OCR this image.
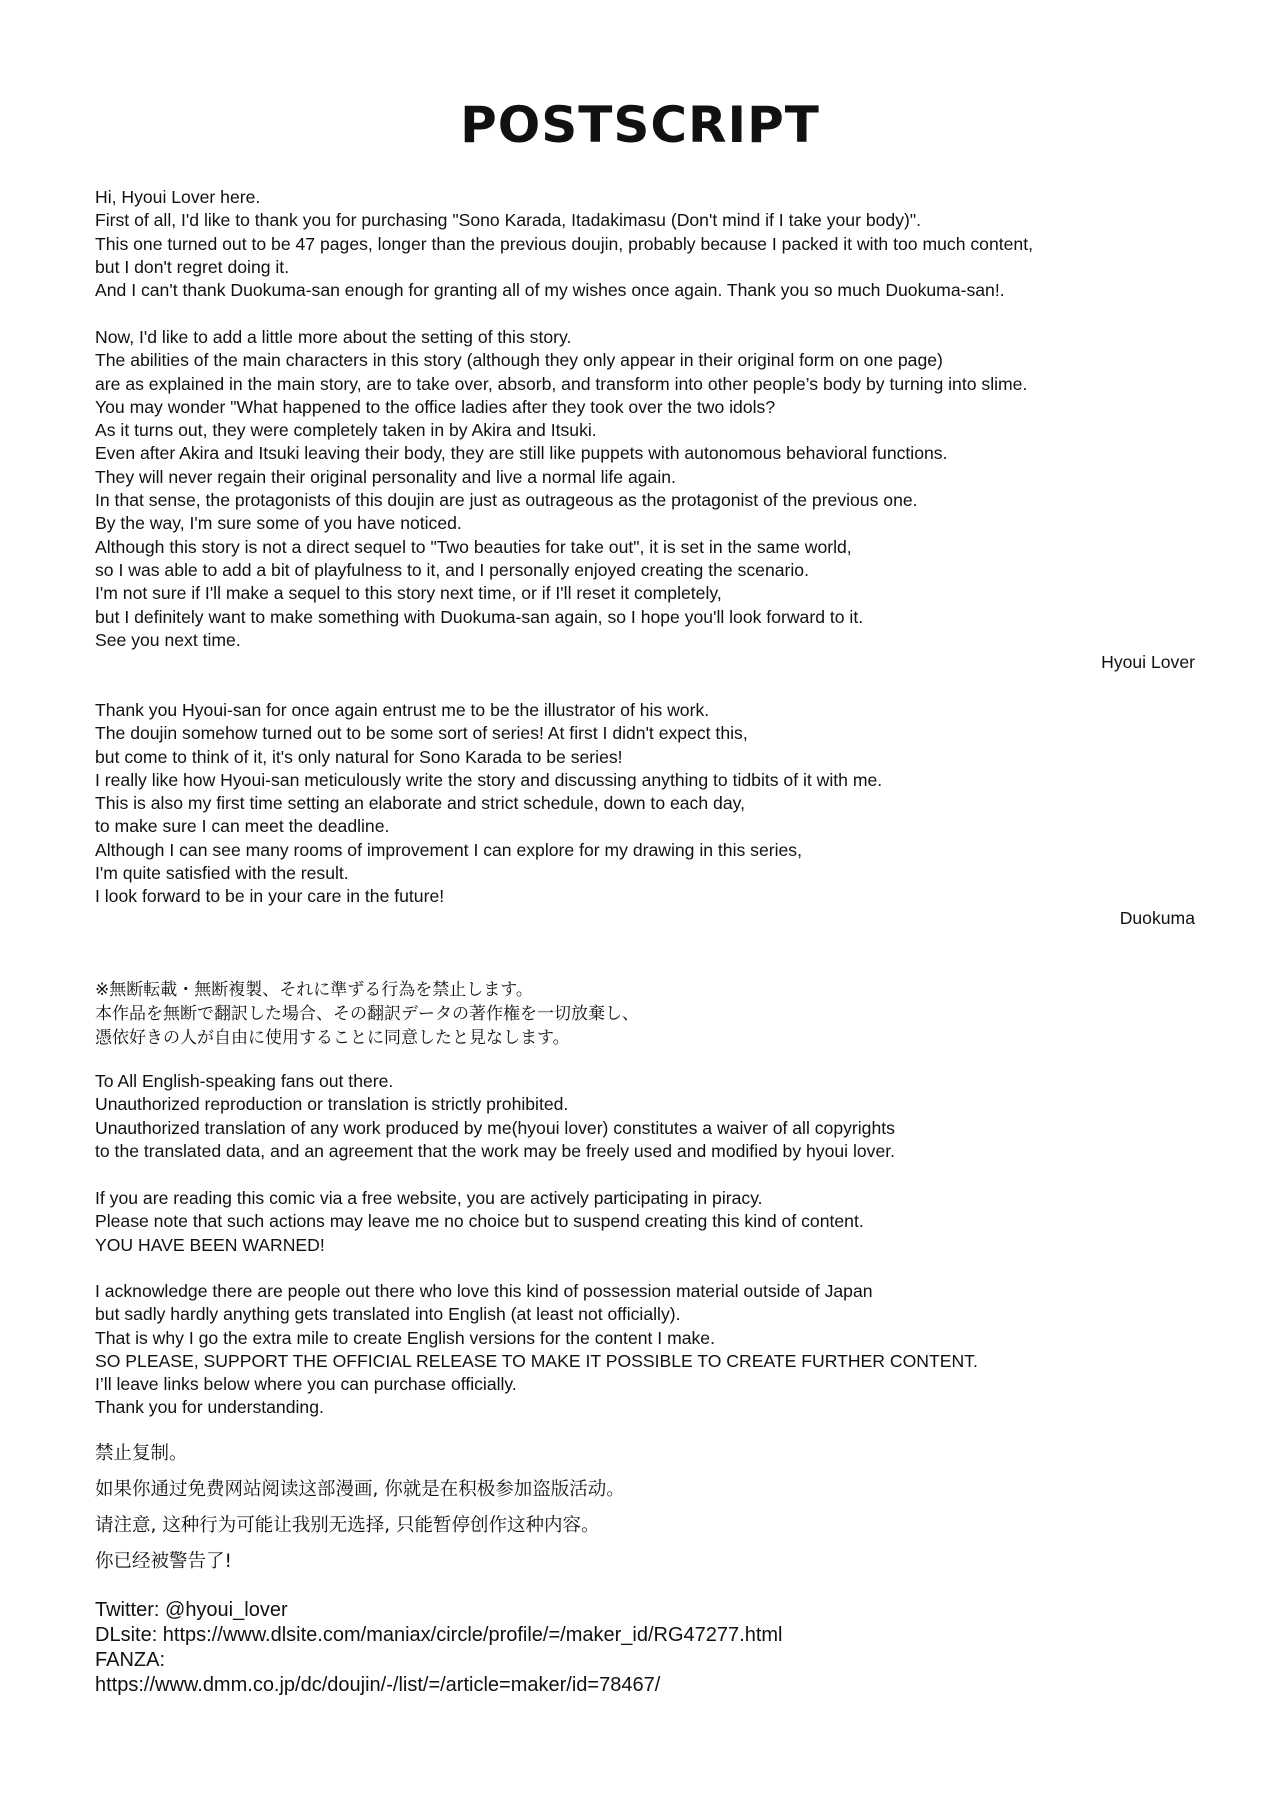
POSTSCRIPT
Hi, Hyoui Lover here.
First of all, I'd like to thank you for purchasing "Sono Karada, Itadakimasu (Don't mind if I take your body)".
This one turned out to be 47 pages, longer than the previous doujin, probably because I packed it with too much content,
but I don't regret doing it.
And I can't thank Duokuma-san enough for granting all of my wishes once again. Thank you so much Duokuma-san!.
Now, I'd like to add a little more about the setting of this story.
The abilities of the main characters in this story (although they only appear in their original form on one page)
are as explained in the main story, are to take over, absorb, and transform into other people’s body by turning into slime.
You may wonder "What happened to the office ladies after they took over the two idols?
As it turns out, they were completely taken in by Akira and Itsuki.
Even after Akira and Itsuki leaving their body, they are still like puppets with autonomous behavioral functions.
They will never regain their original personality and live a normal life again.
In that sense, the protagonists of this doujin are just as outrageous as the protagonist of the previous one.
By the way, I'm sure some of you have noticed.
Although this story is not a direct sequel to "Two beauties for take out", it is set in the same world,
so I was able to add a bit of playfulness to it, and I personally enjoyed creating the scenario.
I'm not sure if I'll make a sequel to this story next time, or if I'll reset it completely,
but I definitely want to make something with Duokuma-san again, so I hope you'll look forward to it.
See you next time.
Hyoui Lover
Thank you Hyoui-san for once again entrust me to be the illustrator of his work.
The doujin somehow turned out to be some sort of series! At first I didn't expect this,
but come to think of it, it's only natural for Sono Karada to be series!
I really like how Hyoui-san meticulously write the story and discussing anything to tidbits of it with me.
This is also my first time setting an elaborate and strict schedule, down to each day,
to make sure I can meet the deadline.
Although I can see many rooms of improvement I can explore for my drawing in this series,
I'm quite satisfied with the result.
I look forward to be in your care in the future!
Duokuma
※無断転載・無断複製、それに準ずる行為を禁止します。
本作品を無断で翻訳した場合、その翻訳データの著作権を一切放棄し、
憑依好きの人が自由に使用することに同意したと見なします。
To All English-speaking fans out there.
Unauthorized reproduction or translation is strictly prohibited.
Unauthorized translation of any work produced by me(hyoui lover) constitutes a waiver of all copyrights
to the translated data, and an agreement that the work may be freely used and modified by hyoui lover.
If you are reading this comic via a free website, you are actively participating in piracy.
Please note that such actions may leave me no choice but to suspend creating this kind of content.
YOU HAVE BEEN WARNED!
I acknowledge there are people out there who love this kind of possession material outside of Japan
but sadly hardly anything gets translated into English (at least not officially).
That is why I go the extra mile to create English versions for the content I make.
SO PLEASE, SUPPORT THE OFFICIAL RELEASE TO MAKE IT POSSIBLE TO CREATE FURTHER CONTENT.
I’ll leave links below where you can purchase officially.
Thank you for understanding.
禁止复制。
如果你通过免费网站阅读这部漫画, 你就是在积极参加盗版活动。
请注意, 这种行为可能让我别无选择, 只能暂停创作这种内容。
你已经被警告了!
Twitter: @hyoui_lover
DLsite: https://www.dlsite.com/maniax/circle/profile/=/maker_id/RG47277.html
FANZA:
https://www.dmm.co.jp/dc/doujin/-/list/=/article=maker/id=78467/
